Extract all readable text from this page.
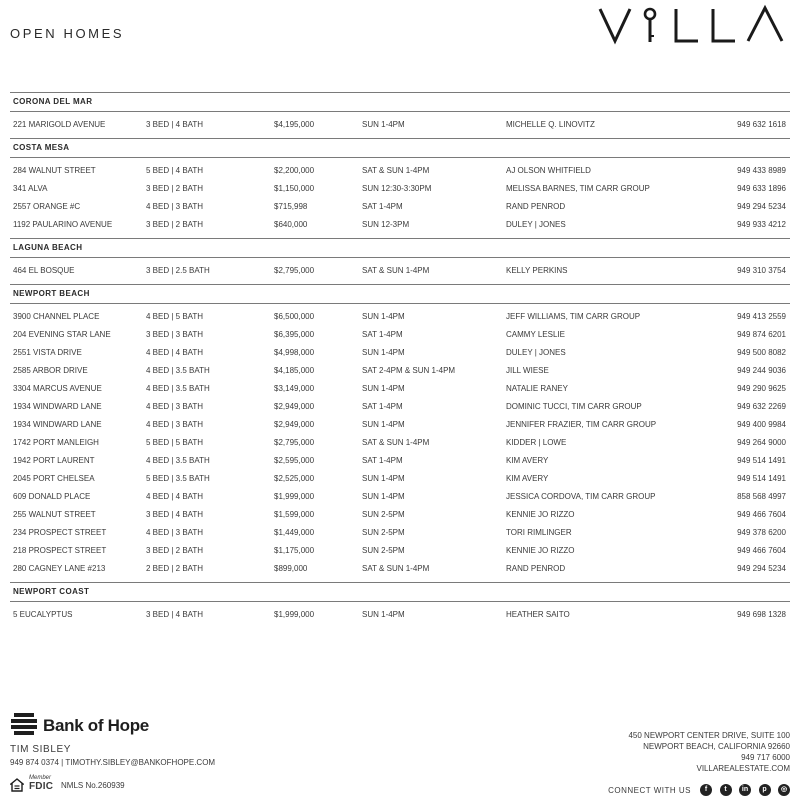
OPEN HOMES
CORONA DEL MAR
221 MARIGOLD AVENUE	3 BED | 4 BATH	$4,195,000	SUN 1-4PM	MICHELLE Q. LINOVITZ	949 632 1618
COSTA MESA
284 WALNUT STREET	5 BED | 4 BATH	$2,200,000	SAT & SUN 1-4PM	AJ OLSON WHITFIELD	949 433 8989
341 ALVA	3 BED | 2 BATH	$1,150,000	SUN 12:30-3:30PM	MELISSA BARNES, TIM CARR GROUP	949 633 1896
2557 ORANGE #C	4 BED | 3 BATH	$715,998	SAT 1-4PM	RAND PENROD	949 294 5234
1192 PAULARINO AVENUE	3 BED | 2 BATH	$640,000	SUN 12-3PM	DULEY | JONES	949 933 4212
LAGUNA BEACH
464 EL BOSQUE	3 BED | 2.5 BATH	$2,795,000	SAT & SUN 1-4PM	KELLY PERKINS	949 310 3754
NEWPORT BEACH
3900 CHANNEL PLACE	4 BED | 5 BATH	$6,500,000	SUN 1-4PM	JEFF WILLIAMS, TIM CARR GROUP	949 413 2559
204 EVENING STAR LANE	3 BED | 3 BATH	$6,395,000	SAT 1-4PM	CAMMY LESLIE	949 874 6201
2551 VISTA DRIVE	4 BED | 4 BATH	$4,998,000	SUN 1-4PM	DULEY | JONES	949 500 8082
2585 ARBOR DRIVE	4 BED | 3.5 BATH	$4,185,000	SAT 2-4PM & SUN 1-4PM	JILL WIESE	949 244 9036
3304 MARCUS AVENUE	4 BED | 3.5 BATH	$3,149,000	SUN 1-4PM	NATALIE RANEY	949 290 9625
1934 WINDWARD LANE	4 BED | 3 BATH	$2,949,000	SAT 1-4PM	DOMINIC TUCCI, TIM CARR GROUP	949 632 2269
1934 WINDWARD LANE	4 BED | 3 BATH	$2,949,000	SUN 1-4PM	JENNIFER FRAZIER, TIM CARR GROUP	949 400 9984
1742 PORT MANLEIGH	5 BED | 5 BATH	$2,795,000	SAT & SUN 1-4PM	KIDDER | LOWE	949 264 9000
1942 PORT LAURENT	4 BED | 3.5 BATH	$2,595,000	SAT 1-4PM	KIM AVERY	949 514 1491
2045 PORT CHELSEA	5 BED | 3.5 BATH	$2,525,000	SUN 1-4PM	KIM AVERY	949 514 1491
609 DONALD PLACE	4 BED | 4 BATH	$1,999,000	SUN 1-4PM	JESSICA CORDOVA, TIM CARR GROUP	858 568 4997
255 WALNUT STREET	3 BED | 4 BATH	$1,599,000	SUN 2-5PM	KENNIE JO RIZZO	949 466 7604
234 PROSPECT STREET	4 BED | 3 BATH	$1,449,000	SUN 2-5PM	TORI RIMLINGER	949 378 6200
218 PROSPECT STREET	3 BED | 2 BATH	$1,175,000	SUN 2-5PM	KENNIE JO RIZZO	949 466 7604
280 CAGNEY LANE #213	2 BED | 2 BATH	$899,000	SAT & SUN 1-4PM	RAND PENROD	949 294 5234
NEWPORT COAST
5 EUCALYPTUS	3 BED | 4 BATH	$1,999,000	SUN 1-4PM	HEATHER SAITO	949 698 1328
Bank of Hope
TIM SIBLEY
949 874 0374 | TIMOTHY.SIBLEY@BANKOFHOPE.COM
Member
FDIC NMLS No.260939
450 NEWPORT CENTER DRIVE, SUITE 100
NEWPORT BEACH, CALIFORNIA 92660
949 717 6000
VILLAREALESTATE.COM
CONNECT WITH US	f	t	in	p	◎
